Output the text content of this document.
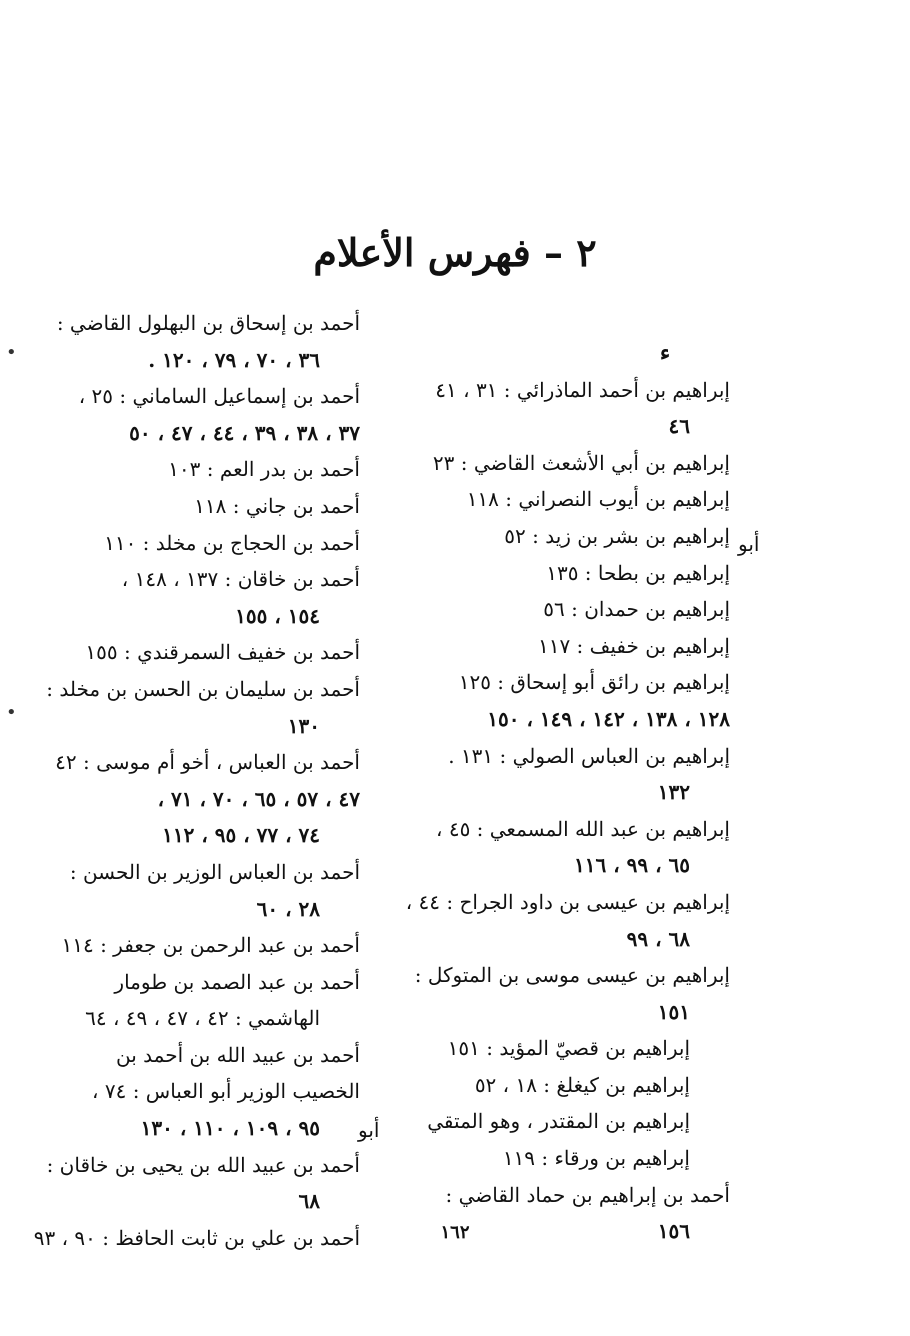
٢ – فهرس الأعلام
ء
إبراهيم بن أحمد الماذرائي : ٣١ ، ٤١
٤٦
إبراهيم بن أبي الأشعث القاضي : ٢٣
إبراهيم بن أيوب النصراني : ١١٨
إبراهيم بن بشر بن زيد : ٥٢
إبراهيم بن بطحا : ١٣٥
إبراهيم بن حمدان : ٥٦
إبراهيم بن خفيف : ١١٧
إبراهيم بن رائق أبو إسحاق : ١٢٥
١٢٨ ، ١٣٨ ، ١٤٢ ، ١٤٩ ، ١٥٠
إبراهيم بن العباس الصولي : ١٣١ .
١٣٢
إبراهيم بن عبد الله المسمعي : ٤٥ ،
٦٥ ، ٩٩ ، ١١٦
إبراهيم بن عيسى بن داود الجراح : ٤٤ ،
٦٨ ، ٩٩
إبراهيم بن عيسى موسى بن المتوكل :
١٥١
إبراهيم بن قصيّ المؤيد : ١٥١
إبراهيم بن كيغلغ : ١٨ ، ٥٢
إبراهيم بن المقتدر ، وهو المتقي
إبراهيم بن ورقاء : ١١٩
أحمد بن إبراهيم بن حماد القاضي :
١٥٦
أحمد بن إسحاق بن البهلول القاضي :
٣٦ ، ٧٠ ، ٧٩ ، ١٢٠ .
أحمد بن إسماعيل الساماني : ٢٥ ،
٣٧ ، ٣٨ ، ٣٩ ، ٤٤ ، ٤٧ ، ٥٠
أحمد بن بدر العم : ١٠٣
أحمد بن جاني : ١١٨
أحمد بن الحجاج بن مخلد : ١١٠
أحمد بن خاقان : ١٣٧ ، ١٤٨ ،
١٥٤ ، ١٥٥
أحمد بن خفيف السمرقندي : ١٥٥
أحمد بن سليمان بن الحسن بن مخلد :
١٣٠
أحمد بن العباس ، أخو أم موسى : ٤٢
٤٧ ، ٥٧ ، ٦٥ ، ٧٠ ، ٧١ ،
٧٤ ، ٧٧ ، ٩٥ ، ١١٢
أحمد بن العباس الوزير بن الحسن :
٢٨ ، ٦٠
أحمد بن عبد الرحمن بن جعفر : ١١٤
أحمد بن عبد الصمد بن طومار
الهاشمي : ٤٢ ، ٤٧ ، ٤٩ ، ٦٤
أحمد بن عبيد الله بن أحمد بن
الخصيب الوزير أبو العباس : ٧٤ ،
٩٥ ، ١٠٩ ، ١١٠ ، ١٣٠
أحمد بن عبيد الله بن يحيى بن خاقان :
٦٨
أحمد بن علي بن ثابت الحافظ : ٩٠ ، ٩٣
أبو
أبو
•
•
١٦٢
